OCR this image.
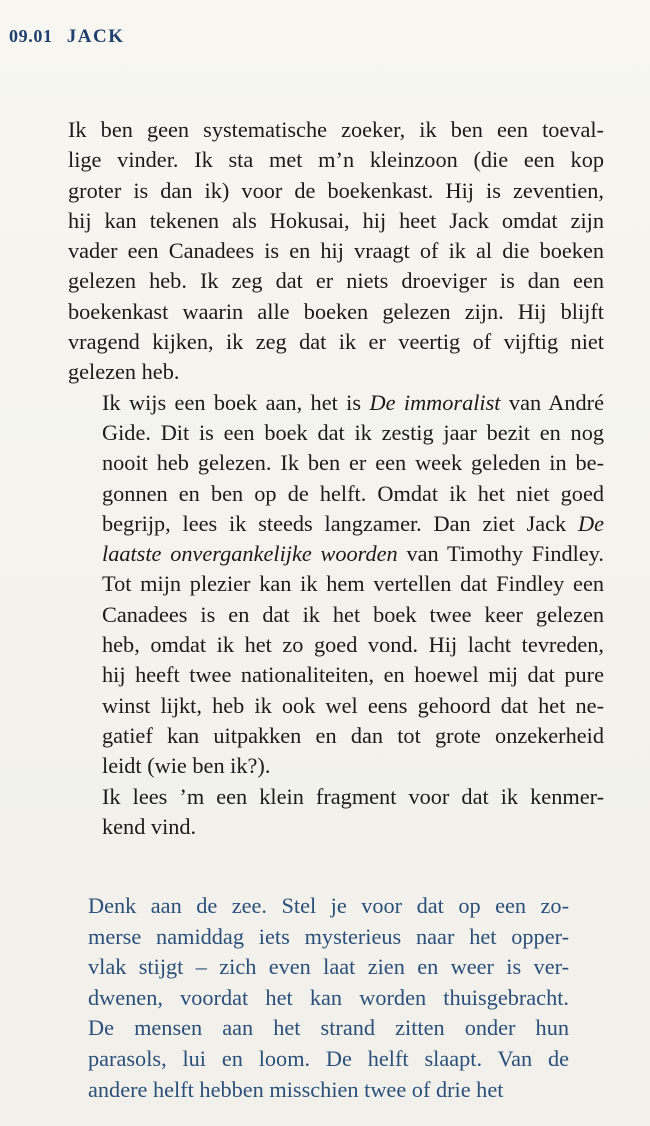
09.01 JACK

Ik ben geen systematische zoeker, ik ben een toeval-
lige vinder. Ik sta met m’n kleinzoon (die een kop
groter is dan ik) voor de boekenkast. Hij is zeventien,
hij kan tekenen als Hokusai, hij heet Jack omdat zijn
vader een Canadees is en hij vraagt of ik al die boeken
gelezen heb. Ik zeg dat er niets droeviger is dan een
boekenkast waarin alle boeken gelezen zijn. Hij blijft
vragend kijken, ik zeg dat ik er veertig of vijftig niet
gelezen heb.

Ik wijs een boek aan, het is De immoralist van André
Gide. Dit is een boek dat ik zestig jaar bezit en nog
nooit heb gelezen. Ik ben er een week geleden in be-
gonnen en ben op de helft. Omdat ik het niet goed
begrijp, lees ik steeds langzamer. Dan ziet Jack De
laatste onvergankelijke woorden van Timothy Findley.
Tot mijn plezier kan ik hem vertellen dat Findley een
Canadees is en dat ik het boek twee keer gelezen
heb, omdat ik het zo goed vond. Hij lacht tevreden,
hij heeft twee nationaliteiten, en hoewel mij dat pure
winst lijkt, heb ik ook wel eens gehoord dat het ne-
gatief kan uitpakken en dan tot grote onzekerheid
leidt (wie ben ik?).

Ik lees ’m een klein fragment voor dat ik kenmer-
kend vind.

Denk aan de zee. Stel je voor dat op een zo-
merse namiddag iets mysterieus naar het opper-
vlak stijgt – zich even laat zien en weer is ver-
dwenen, voordat het kan worden thuisgebracht.
De mensen aan het strand zitten onder hun
parasols, lui en loom. De helft slaapt. Van de
andere helft hebben misschien twee of drie het
